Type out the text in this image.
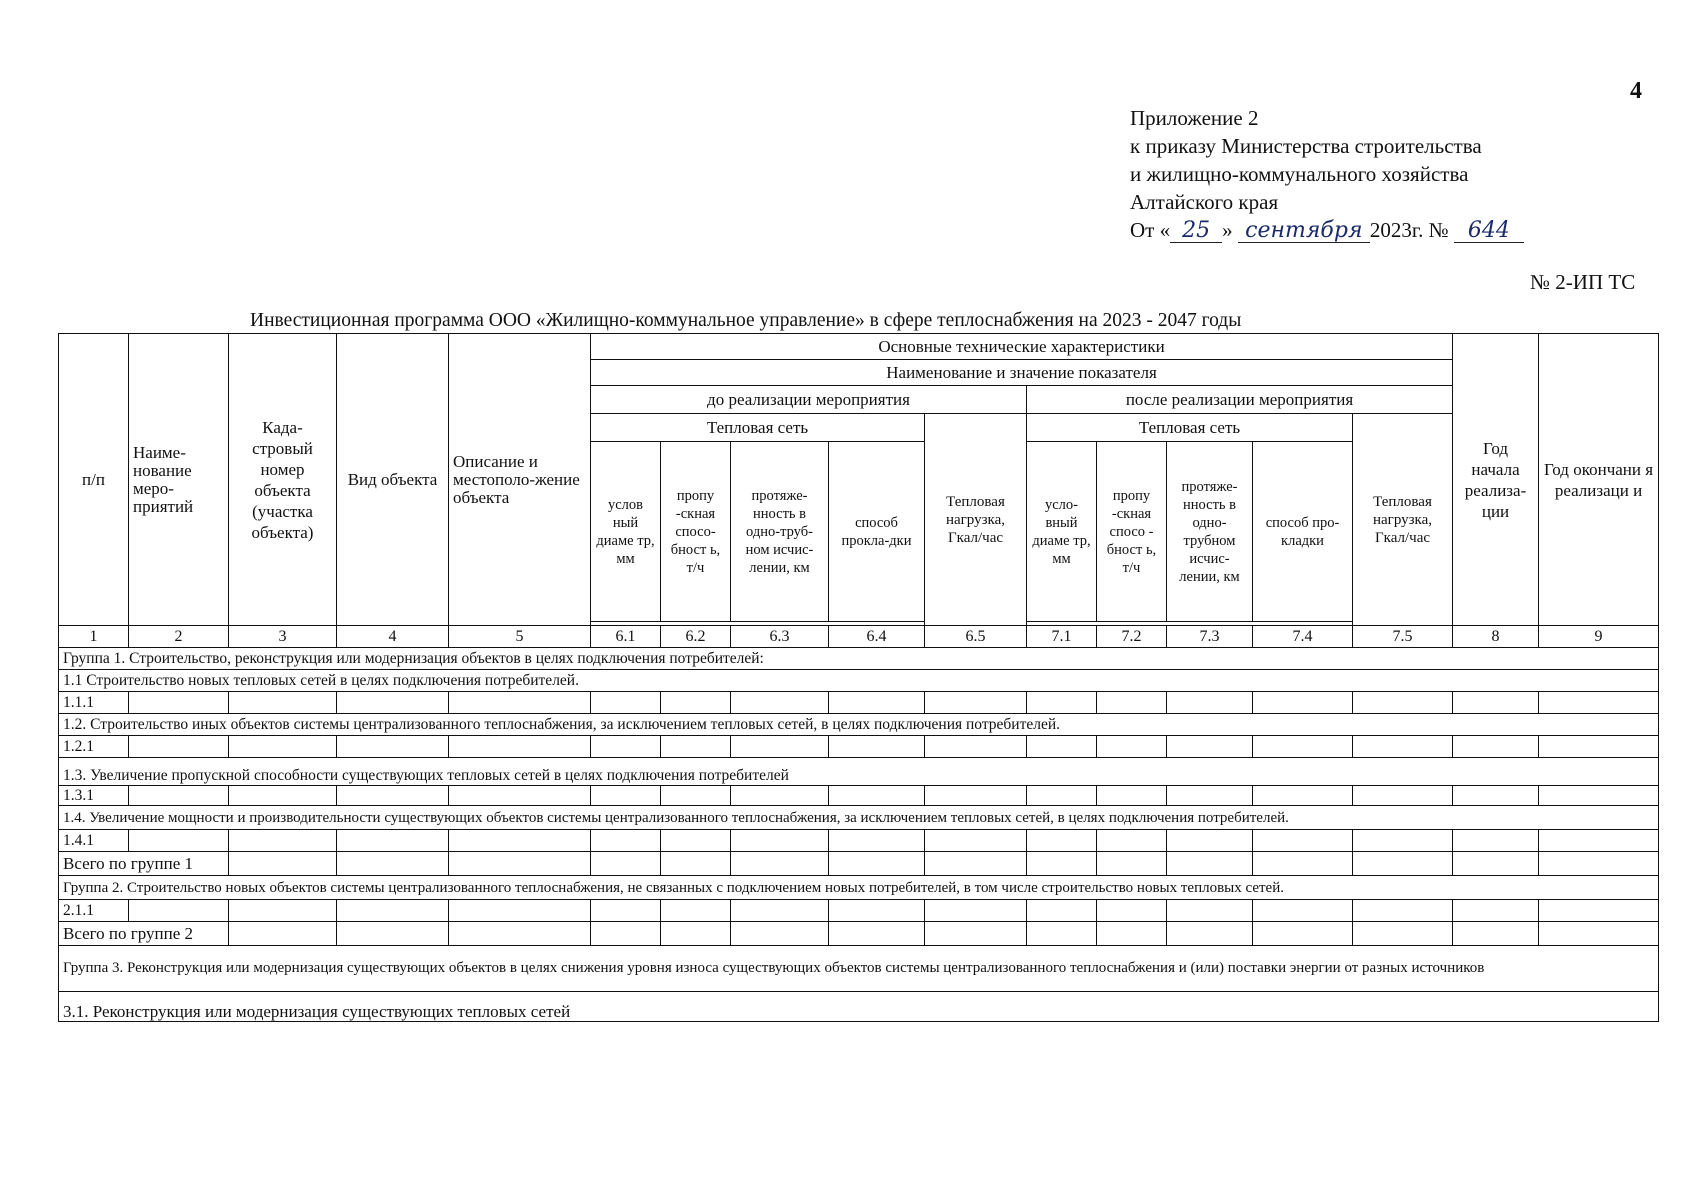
4
Приложение 2
к приказу Министерства строительства
и жилищно-коммунального хозяйства
Алтайского края
От « 25 » сентября 2023г. № 644
№ 2-ИП ТС
Инвестиционная программа ООО «Жилищно-коммунальное управление» в сфере теплоснабжения на 2023 - 2047 годы
п/п	Наиме-нование меро-приятий	Када-стровый номер объекта (участка объекта)	Вид объекта	Описание и местополо-жение объекта	Основные технические характеристики										Год начала реализа-ции	Год окончани я реализаци и
					Наименование и значение показателя											
					до реализации мероприятия					после реализации мероприятия						
					Тепловая сеть				Тепловая нагрузка, Гкал/час	Тепловая сеть				Тепловая нагрузка, Гкал/час		
					услов ный диаме тр, мм	пропу -скная спосо-бност ь, т/ч	протяже-нность в одно-труб-ном исчис-лении, км	способ прокла-дки		усло-вный диаме тр, мм	пропу -скная спосо - бност ь, т/ч	протяже-нность в одно-трубном исчис-лении, км	способ про-кладки			

1	2	3	4	5	6.1	6.2	6.3	6.4	6.5	7.1	7.2	7.3	7.4	7.5	8	9
Группа 1. Строительство, реконструкция или модернизация объектов в целях подключения потребителей:																
1.1 Строительство новых тепловых сетей в целях подключения потребителей.																
1.1.1																
1.2. Строительство иных объектов системы централизованного теплоснабжения, за исключением тепловых сетей, в целях подключения потребителей.																
1.2.1																
1.3. Увеличение пропускной способности существующих тепловых сетей в целях подключения потребителей																
1.3.1																
1.4. Увеличение мощности и производительности существующих объектов системы централизованного теплоснабжения, за исключением тепловых сетей, в целях подключения потребителей.																
1.4.1																
Всего по группе 1																
Группа 2. Строительство новых объектов системы централизованного теплоснабжения, не связанных с подключением новых потребителей, в том числе строительство новых тепловых сетей.																
2.1.1																
Всего по группе 2																
Группа 3. Реконструкция или модернизация существующих объектов в целях снижения уровня износа существующих объектов системы централизованного теплоснабжения и (или) поставки энергии от разных источников																
3.1. Реконструкция или модернизация существующих тепловых сетей																
